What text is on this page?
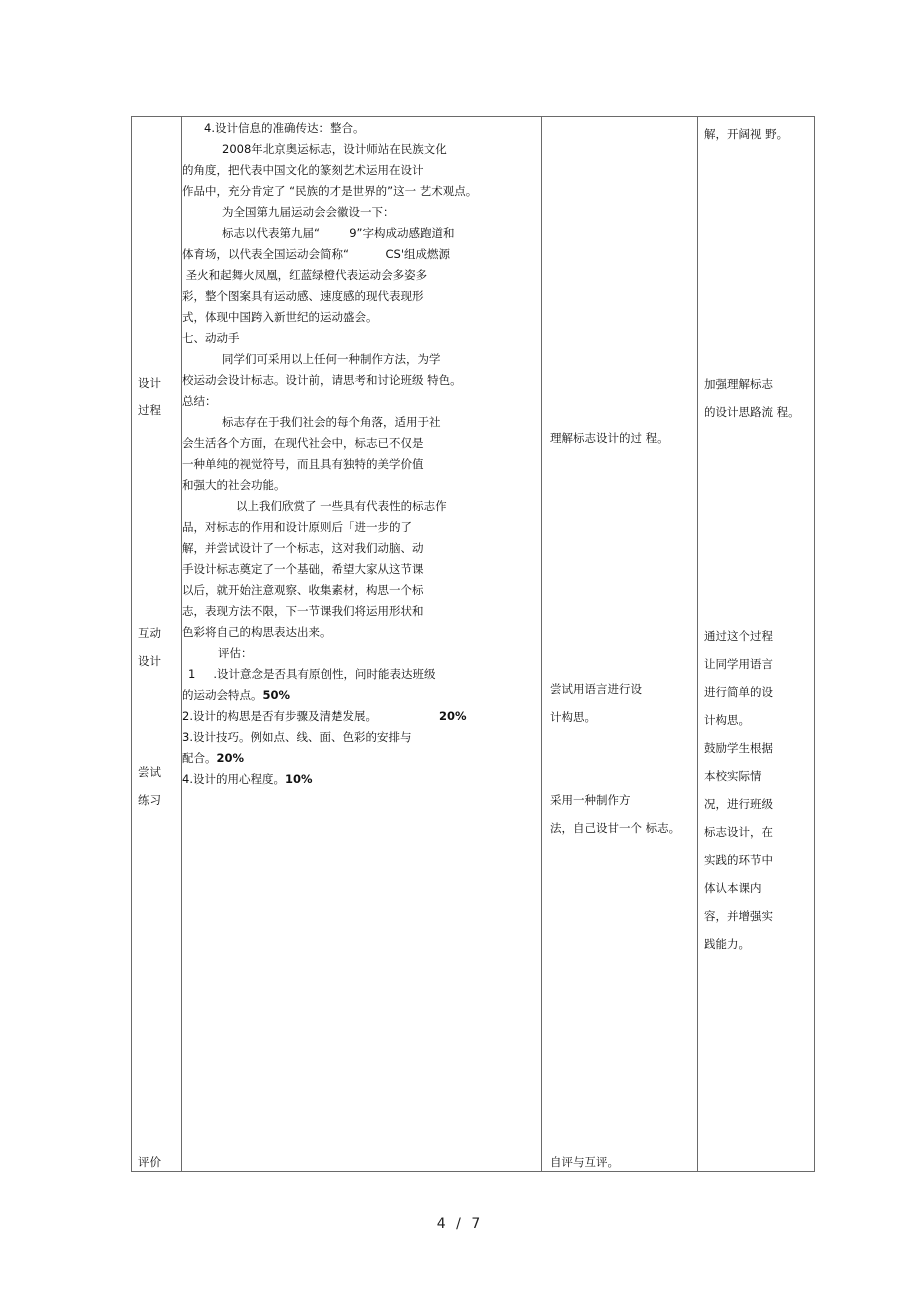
设计
过程
互动
设计
尝试
练习
评价
4.设计信息的准确传达：整合。
2008年北京奥运标志，设计师站在民族文化
的角度，把代表中国文化的篆刻艺术运用在设计
作品中，充分肯定了 “民族的才是世界的”这一 艺术观点。
为全国第九届运动会会徽设一下：
标志以代表第九届“        9”字构成动感跑道和
体育场，以代表全国运动会简称“          CS'组成燃源
圣火和起舞火凤凰，红蓝绿橙代表运动会多姿多
彩，整个图案具有运动感、速度感的现代表现形
式，体现中国跨入新世纪的运动盛会。
七、动动手
同学们可采用以上任何一种制作方法，为学
校运动会设计标志。设计前，请思考和讨论班级 特色。
总结：
标志存在于我们社会的每个角落，适用于社
会生活各个方面，在现代社会中，标志已不仅是
一种单纯的视觉符号，而且具有独特的美学价值
和强大的社会功能。
以上我们欣赏了 一些具有代表性的标志作
品，对标志的作用和设计原则后「进一步的了
解，并尝试设计了一个标志，这对我们动脑、动
手设计标志奠定了一个基础，希望大家从这节课
以后，就开始注意观察、收集素材，构思一个标
志，表现方法不限，下一节课我们将运用形状和
色彩将自己的构思表达出来。
评估：
1 .设计意念是否具有原创性，问时能表达班级
的运动会特点。50%
2.设计的构思是否有步骤及清楚发展。	20%
3.设计技巧。例如点、线、面、色彩的安排与
配合。20%
4.设计的用心程度。10%
理解标志设计的过 程。
尝试用语言进行设
计构思。
采用一种制作方
法，自己设甘一个 标志。
自评与互评。
解，开阔视 野。
加强理解标志
的设计思路流 程。
通过这个过程
让同学用语言
进行简单的设
计构思。
鼓励学生根据
本校实际情
况，进行班级
标志设计，在
实践的环节中
体认本课内
容，并增强实
践能力。
4 / 7
